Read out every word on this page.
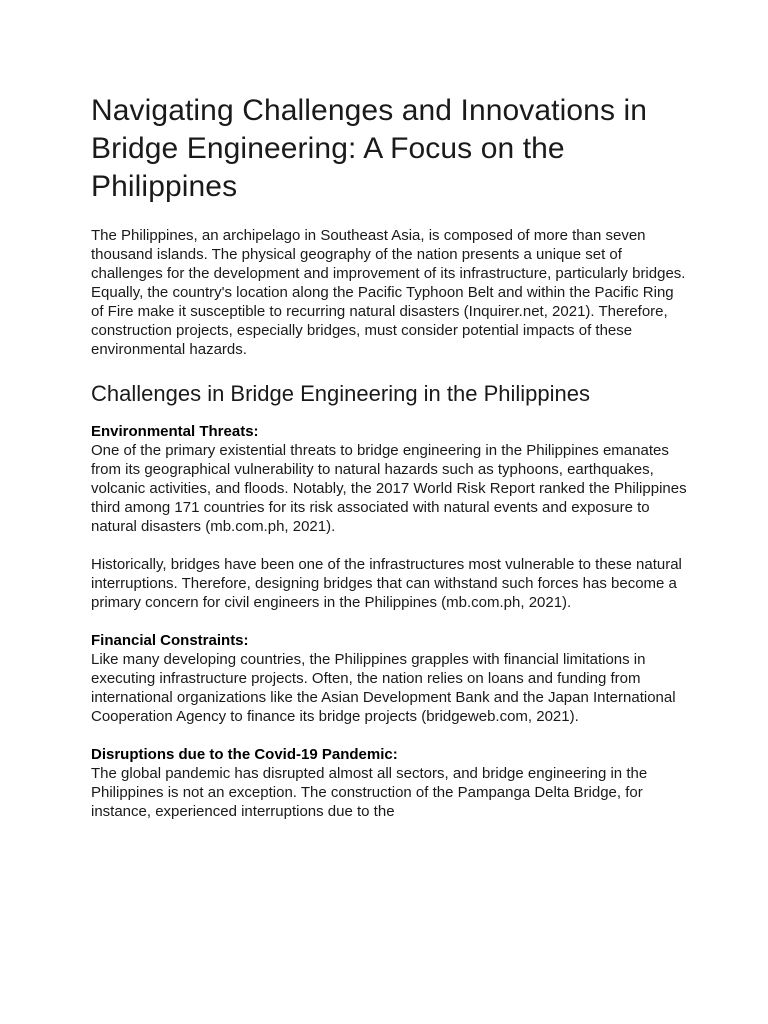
Navigating Challenges and Innovations in Bridge Engineering: A Focus on the Philippines

The Philippines, an archipelago in Southeast Asia, is composed of more than seven thousand islands. The physical geography of the nation presents a unique set of challenges for the development and improvement of its infrastructure, particularly bridges. Equally, the country's location along the Pacific Typhoon Belt and within the Pacific Ring of Fire make it susceptible to recurring natural disasters (Inquirer.net, 2021). Therefore, construction projects, especially bridges, must consider potential impacts of these environmental hazards.

Challenges in Bridge Engineering in the Philippines

Environmental Threats:

One of the primary existential threats to bridge engineering in the Philippines emanates from its geographical vulnerability to natural hazards such as typhoons, earthquakes, volcanic activities, and floods. Notably, the 2017 World Risk Report ranked the Philippines third among 171 countries for its risk associated with natural events and exposure to natural disasters (mb.com.ph, 2021).

Historically, bridges have been one of the infrastructures most vulnerable to these natural interruptions. Therefore, designing bridges that can withstand such forces has become a primary concern for civil engineers in the Philippines (mb.com.ph, 2021).

Financial Constraints:

Like many developing countries, the Philippines grapples with financial limitations in executing infrastructure projects. Often, the nation relies on loans and funding from international organizations like the Asian Development Bank and the Japan International Cooperation Agency to finance its bridge projects (bridgeweb.com, 2021).

Disruptions due to the Covid-19 Pandemic:

The global pandemic has disrupted almost all sectors, and bridge engineering in the Philippines is not an exception. The construction of the Pampanga Delta Bridge, for instance, experienced interruptions due to the
